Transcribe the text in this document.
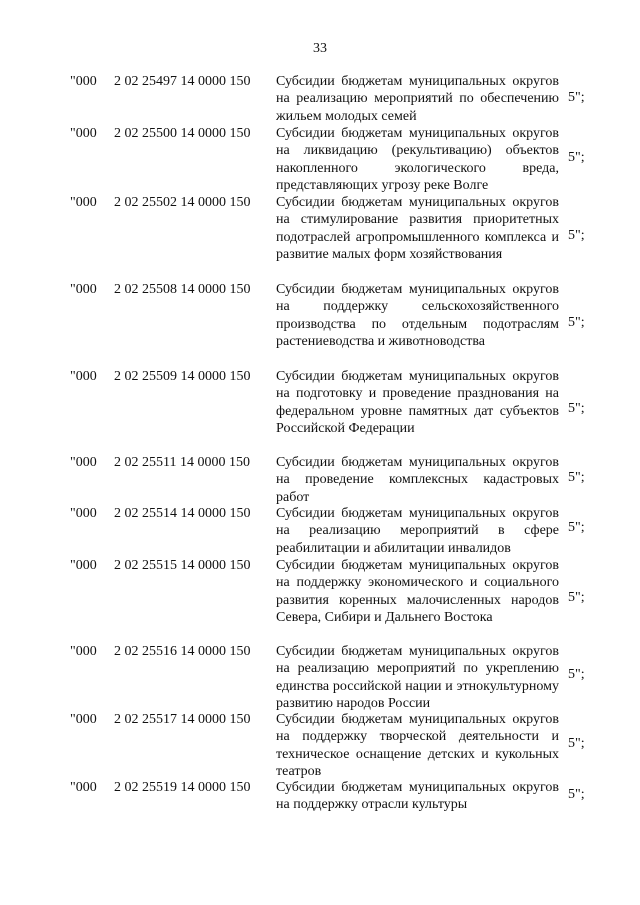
33
"000 2 02 25497 14 0000 150 Субсидии бюджетам муниципальных округов на реализацию мероприятий по обеспечению жильем молодых семей
5";
"000 2 02 25500 14 0000 150 Субсидии бюджетам муниципальных округов на ликвидацию (рекультивацию) объектов накопленного экологического вреда, представляющих угрозу реке Волге
5";
"000 2 02 25502 14 0000 150 Субсидии бюджетам муниципальных округов на стимулирование развития приоритетных подотраслей агропромышленного комплекса и развитие малых форм хозяйствования
5";
"000 2 02 25508 14 0000 150 Субсидии бюджетам муниципальных округов на поддержку сельскохозяйственного производства по отдельным подотраслям растениеводства и животноводства
5";
"000 2 02 25509 14 0000 150 Субсидии бюджетам муниципальных округов на подготовку и проведение празднования на федеральном уровне памятных дат субъектов Российской Федерации
5";
"000 2 02 25511 14 0000 150 Субсидии бюджетам муниципальных округов на проведение комплексных кадастровых работ
5";
"000 2 02 25514 14 0000 150 Субсидии бюджетам муниципальных округов на реализацию мероприятий в сфере реабилитации и абилитации инвалидов
5";
"000 2 02 25515 14 0000 150 Субсидии бюджетам муниципальных округов на поддержку экономического и социального развития коренных малочисленных народов Севера, Сибири и Дальнего Востока
5";
"000 2 02 25516 14 0000 150 Субсидии бюджетам муниципальных округов на реализацию мероприятий по укреплению единства российской нации и этнокультурному развитию народов России
5";
"000 2 02 25517 14 0000 150 Субсидии бюджетам муниципальных округов на поддержку творческой деятельности и техническое оснащение детских и кукольных театров
5";
"000 2 02 25519 14 0000 150 Субсидии бюджетам муниципальных округов на поддержку отрасли культуры
5";
